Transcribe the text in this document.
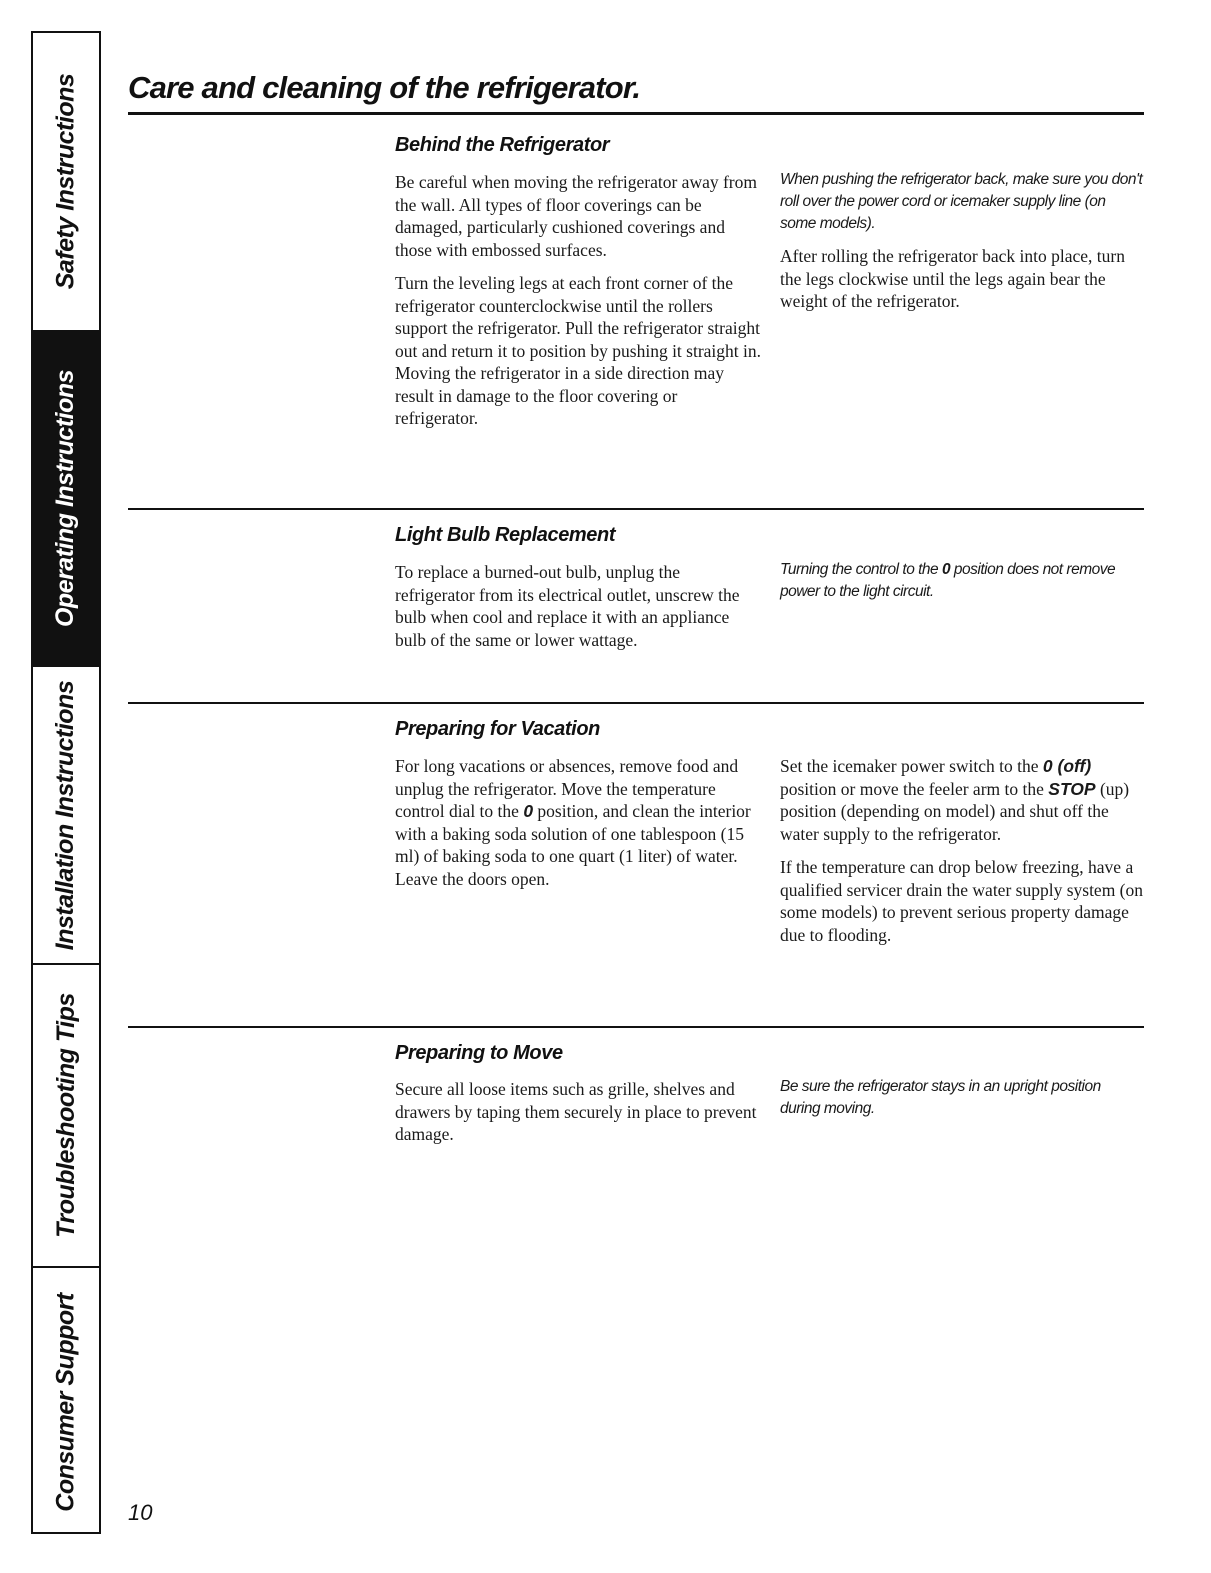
Safety Instructions
Operating Instructions
Installation Instructions
Troubleshooting Tips
Consumer Support
Care and cleaning of the refrigerator.
Behind the Refrigerator

Be careful when moving the refrigerator away from the wall. All types of floor coverings can be damaged, particularly cushioned coverings and those with embossed surfaces.

Turn the leveling legs at each front corner of the refrigerator counterclockwise until the rollers support the refrigerator. Pull the refrigerator straight out and return it to position by pushing it straight in. Moving the refrigerator in a side direction may result in damage to the floor covering or refrigerator.

When pushing the refrigerator back, make sure you don't roll over the power cord or icemaker supply line (on some models).

After rolling the refrigerator back into place, turn the legs clockwise until the legs again bear the weight of the refrigerator.

Light Bulb Replacement

To replace a burned-out bulb, unplug the refrigerator from its electrical outlet, unscrew the bulb when cool and replace it with an appliance bulb of the same or lower wattage.

Turning the control to the 0 position does not remove power to the light circuit.

Preparing for Vacation

For long vacations or absences, remove food and unplug the refrigerator. Move the temperature control dial to the 0 position, and clean the interior with a baking soda solution of one tablespoon (15 ml) of baking soda to one quart (1 liter) of water. Leave the doors open.

Set the icemaker power switch to the 0 (off) position or move the feeler arm to the STOP (up) position (depending on model) and shut off the water supply to the refrigerator.

If the temperature can drop below freezing, have a qualified servicer drain the water supply system (on some models) to prevent serious property damage due to flooding.

Preparing to Move

Secure all loose items such as grille, shelves and drawers by taping them securely in place to prevent damage.

Be sure the refrigerator stays in an upright position during moving.

10
